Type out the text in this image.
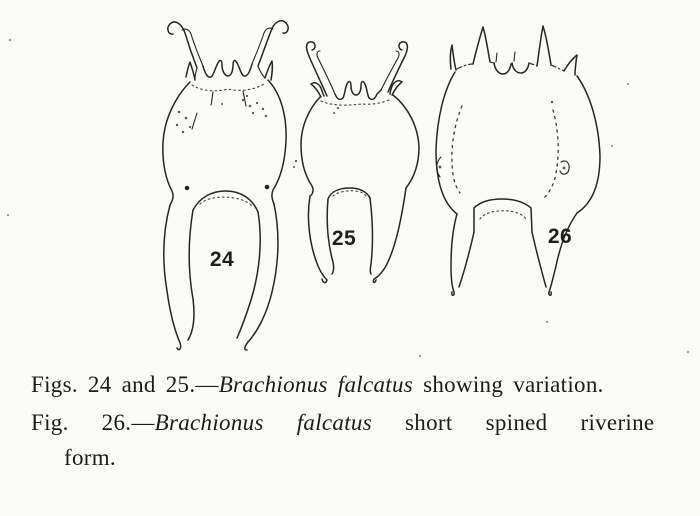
24
25	26

Figs. 24 and 25.—Brachionus falcatus showing variation.

Fig. 26.—Brachionus falcatus short spined riverine

form.
